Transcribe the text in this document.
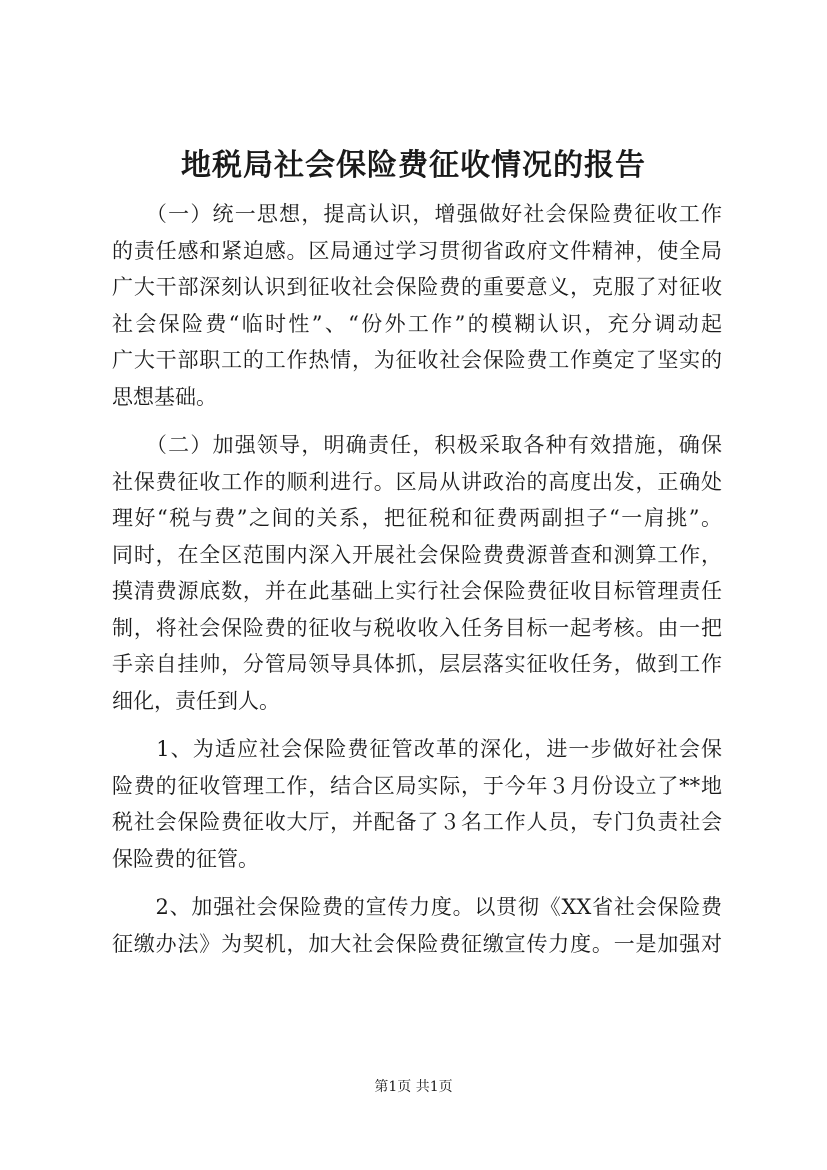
地税局社会保险费征收情况的报告

　　（一）统一思想，提高认识，增强做好社会保险费征收工作
的责任感和紧迫感。区局通过学习贯彻省政府文件精神，使全局
广大干部深刻认识到征收社会保险费的重要意义，克服了对征收
社会保险费“临时性”、“份外工作”的模糊认识，充分调动起
广大干部职工的工作热情，为征收社会保险费工作奠定了坚实的
思想基础。

　　（二）加强领导，明确责任，积极采取各种有效措施，确保
社保费征收工作的顺利进行。区局从讲政治的高度出发，正确处
理好“税与费”之间的关系，把征税和征费两副担子“一肩挑”。
同时，在全区范围内深入开展社会保险费费源普查和测算工作，
摸清费源底数，并在此基础上实行社会保险费征收目标管理责任
制，将社会保险费的征收与税收收入任务目标一起考核。由一把
手亲自挂帅，分管局领导具体抓，层层落实征收任务，做到工作
细化，责任到人。

　　1、为适应社会保险费征管改革的深化，进一步做好社会保
险费的征收管理工作，结合区局实际，于今年３月份设立了**地
税社会保险费征收大厅，并配备了３名工作人员，专门负责社会
保险费的征管。

　　2、加强社会保险费的宣传力度。以贯彻《XX省社会保险费
征缴办法》为契机，加大社会保险费征缴宣传力度。一是加强对

第1页 共1页
